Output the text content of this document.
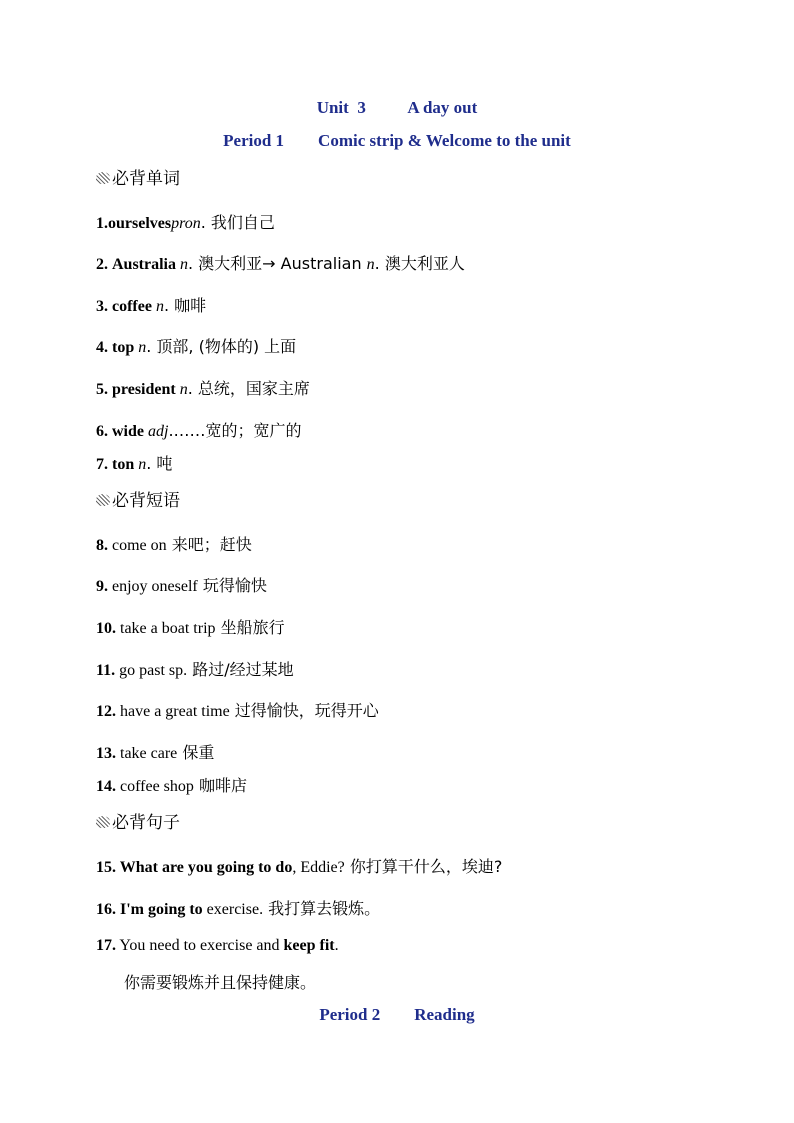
Unit  3          A day out
Period 1        Comic strip & Welcome to the unit
必背单词
1.ourselvespron. 我们自己
2. Australia n. 澳大利亚→ Australian n. 澳大利亚人
3. coffee n. 咖啡
4. top n. 顶部, (物体的) 上面
5. president n. 总统，国家主席
6. wide adj.……宽的；宽广的
7. ton n. 吨
必背短语
8. come on 来吧；赶快
9. enjoy oneself 玩得愉快
10. take a boat trip 坐船旅行
11. go past sp. 路过/经过某地
12. have a great time 过得愉快，玩得开心
13. take care 保重
14. coffee shop 咖啡店
必背句子
15. What are you going to do, Eddie? 你打算干什么，埃迪?
16. I'm going to exercise. 我打算去锻炼。
17. You need to exercise and keep fit.
你需要锻炼并且保持健康。
Period 2        Reading
